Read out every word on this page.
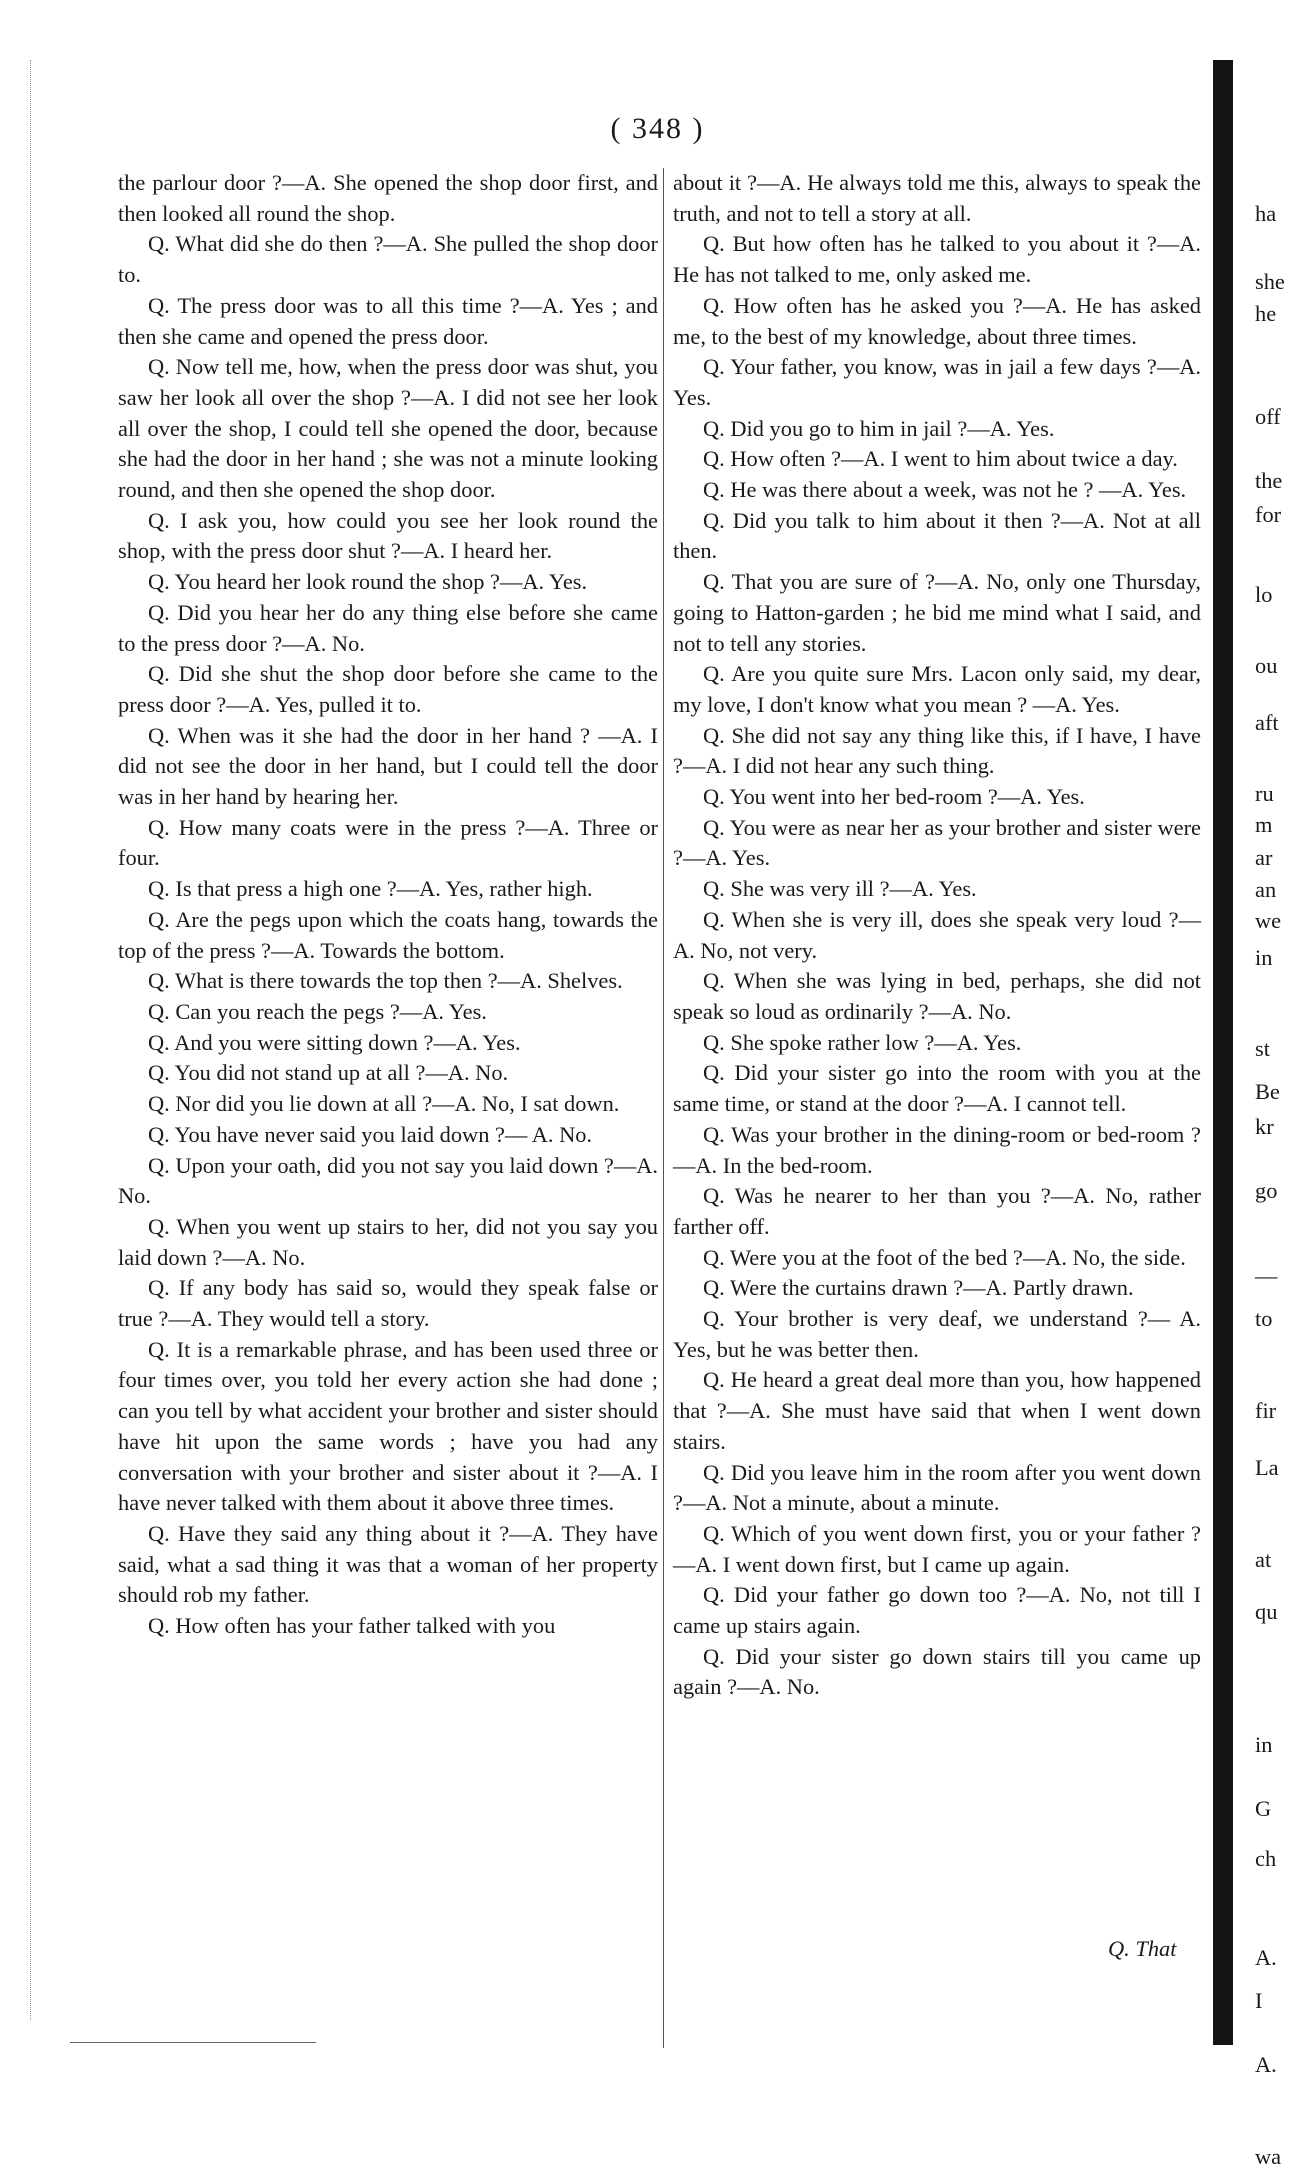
( 348 )

the parlour door ?—A. She opened the shop door first, and then looked all round the shop.

Q. What did she do then ?—A. She pulled the shop door to.

Q. The press door was to all this time ?—A. Yes ; and then she came and opened the press door.

Q. Now tell me, how, when the press door was shut, you saw her look all over the shop ?—A. I did not see her look all over the shop, I could tell she opened the door, because she had the door in her hand ; she was not a minute looking round, and then she opened the shop door.

Q. I ask you, how could you see her look round the shop, with the press door shut ?—A. I heard her.

Q. You heard her look round the shop ?—A. Yes.

Q. Did you hear her do any thing else before she came to the press door ?—A. No.

Q. Did she shut the shop door before she came to the press door ?—A. Yes, pulled it to.

Q. When was it she had the door in her hand ? —A. I did not see the door in her hand, but I could tell the door was in her hand by hearing her.

Q. How many coats were in the press ?—A. Three or four.

Q. Is that press a high one ?—A. Yes, rather high.

Q. Are the pegs upon which the coats hang, towards the top of the press ?—A. Towards the bottom.

Q. What is there towards the top then ?—A. Shelves.

Q. Can you reach the pegs ?—A. Yes.

Q. And you were sitting down ?—A. Yes.

Q. You did not stand up at all ?—A. No.

Q. Nor did you lie down at all ?—A. No, I sat down.

Q. You have never said you laid down ?— A. No.

Q. Upon your oath, did you not say you laid down ?—A. No.

Q. When you went up stairs to her, did not you say you laid down ?—A. No.

Q. If any body has said so, would they speak false or true ?—A. They would tell a story.

Q. It is a remarkable phrase, and has been used three or four times over, you told her every action she had done ; can you tell by what accident your brother and sister should have hit upon the same words ; have you had any conversation with your brother and sister about it ?—A. I have never talked with them about it above three times.

Q. Have they said any thing about it ?—A. They have said, what a sad thing it was that a woman of her property should rob my father.

Q. How often has your father talked with you

about it ?—A. He always told me this, always to speak the truth, and not to tell a story at all.

Q. But how often has he talked to you about it ?—A. He has not talked to me, only asked me.

Q. How often has he asked you ?—A. He has asked me, to the best of my knowledge, about three times.

Q. Your father, you know, was in jail a few days ?—A. Yes.

Q. Did you go to him in jail ?—A. Yes.

Q. How often ?—A. I went to him about twice a day.

Q. He was there about a week, was not he ? —A. Yes.

Q. Did you talk to him about it then ?—A. Not at all then.

Q. That you are sure of ?—A. No, only one Thursday, going to Hatton-garden ; he bid me mind what I said, and not to tell any stories.

Q. Are you quite sure Mrs. Lacon only said, my dear, my love, I don't know what you mean ? —A. Yes.

Q. She did not say any thing like this, if I have, I have ?—A. I did not hear any such thing.

Q. You went into her bed-room ?—A. Yes.

Q. You were as near her as your brother and sister were ?—A. Yes.

Q. She was very ill ?—A. Yes.

Q. When she is very ill, does she speak very loud ?—A. No, not very.

Q. When she was lying in bed, perhaps, she did not speak so loud as ordinarily ?—A. No.

Q. She spoke rather low ?—A. Yes.

Q. Did your sister go into the room with you at the same time, or stand at the door ?—A. I cannot tell.

Q. Was your brother in the dining-room or bed-room ?—A. In the bed-room.

Q. Was he nearer to her than you ?—A. No, rather farther off.

Q. Were you at the foot of the bed ?—A. No, the side.

Q. Were the curtains drawn ?—A. Partly drawn.

Q. Your brother is very deaf, we understand ?— A. Yes, but he was better then.

Q. He heard a great deal more than you, how happened that ?—A. She must have said that when I went down stairs.

Q. Did you leave him in the room after you went down ?—A. Not a minute, about a minute.

Q. Which of you went down first, you or your father ?—A. I went down first, but I came up again.

Q. Did your father go down too ?—A. No, not till I came up stairs again.

Q. Did your sister go down stairs till you came up again ?—A. No.

Q. That
ha
she
he
off
the
for
lo
ou
aft
ru
m
ar
an
we
in
st
Be
kr
go
—
to
fir
La
at
qu
in
G
ch
A.
I
A.
wa
